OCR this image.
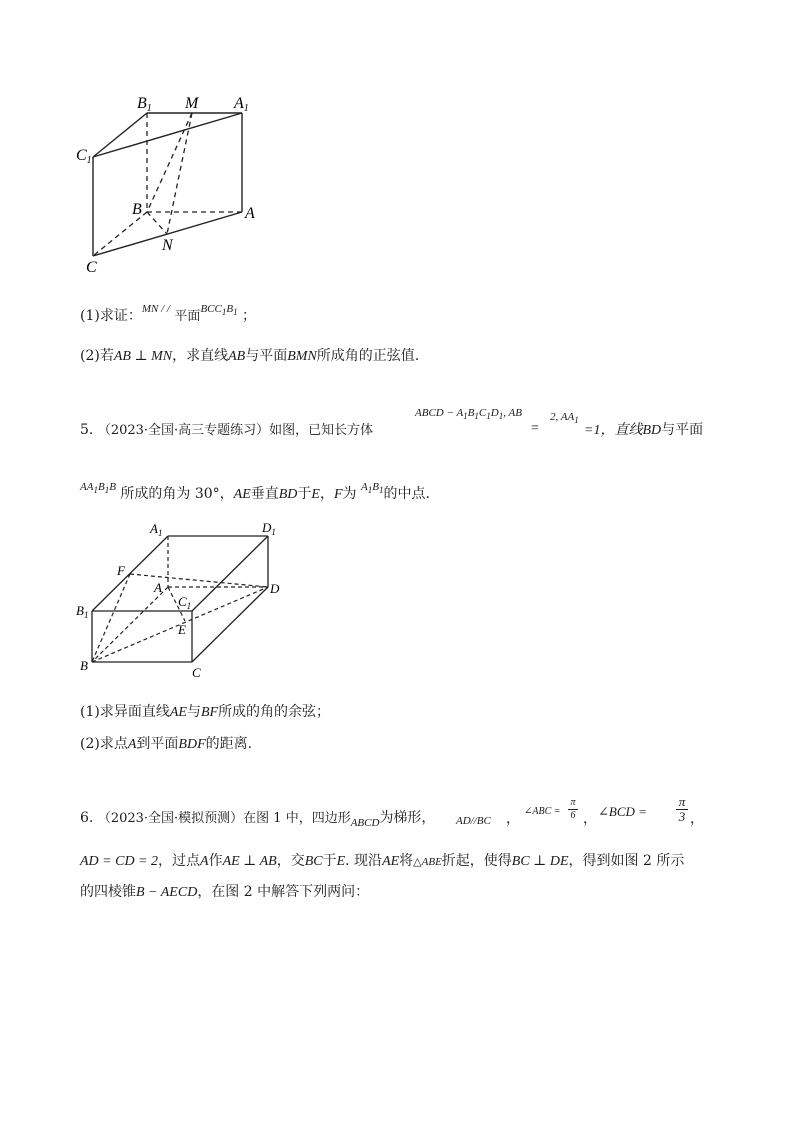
B1 M A1
C1
B	A
N
C
(1)求证：$^{MN / /}$ 平面$^{BCC_1B_1}$ ；
(2)若AB ⊥ MN，求直线AB与平面BMN所成角的正弦值.
5. （2023·全国·高三专题练习）如图，已知长方体
ABCD − $A_1B_1C_1D_1$, AB
=
2, $AA_1$
=1，直线BD与平面
$^{AA_1B_1B}$ 所成的角为 30°，AE垂直BD于E，F为 $^{A_1B_1}$的中点.
$A_1$	$D_1$
F
A
$C_1$
D
$B_1$
E
B	C
(1)求异面直线AE与BF所成的角的余弦；
(2)求点A到平面BDF的距离.
6. （2023·全国·模拟预测）在图 1 中，四边形$_{ABCD}$为梯形， AD//BC ， ∠ABC =
π
6 ， ∠BCD =
π
3 ，
AD = CD = 2，过点A作AE ⊥ AB，交BC于E. 现沿AE将△ABE折起，使得BC ⊥ DE，得到如图 2 所示
的四棱锥B − AECD，在图 2 中解答下列两问：
